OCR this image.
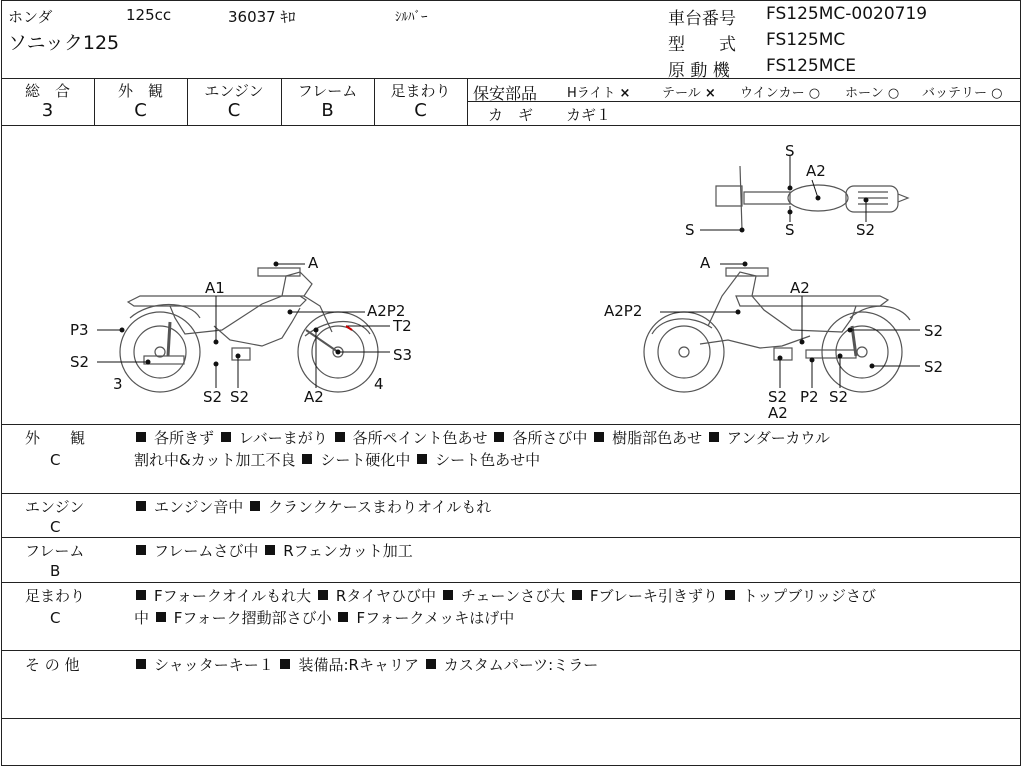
ホンダ	125cc	36037 ｷﾛ	ｼﾙﾊﾞｰ
ソニック125
車台番号 FS125MC-0020719
型　　式 FS125MC
原 動 機 FS125MCE
総　合
3
外　観
C
エンジン
C
フレーム
B
足まわり
C
保安部品 Hライト × テール × ウインカー ○ ホーン ○ バッテリー ○
カ　ギ カギ１
A
A1
A2P2
T2
P3
S3
S2
3	4
S2 S2	A2
A
A2
A2P2
S2
S2
S2 P2 S2
A2
S
A2
S	S	S2
外　　観
C
各所きず レバーまがり 各所ペイント色あせ 各所さび中 樹脂部色あせ アンダーカウル
割れ中&カット加工不良 シート硬化中 シート色あせ中
エンジン
C
エンジン音中 クランクケースまわりオイルもれ
フレーム
B
フレームさび中 Rフェンカット加工
足まわり
C
Fフォークオイルもれ大 Rタイヤひび中 チェーンさび大 Fブレーキ引きずり トップブリッジさび
中 Fフォーク摺動部さび小 Fフォークメッキはげ中
そ の 他	シャッターキー１ 装備品:Rキャリア カスタムパーツ:ミラー
